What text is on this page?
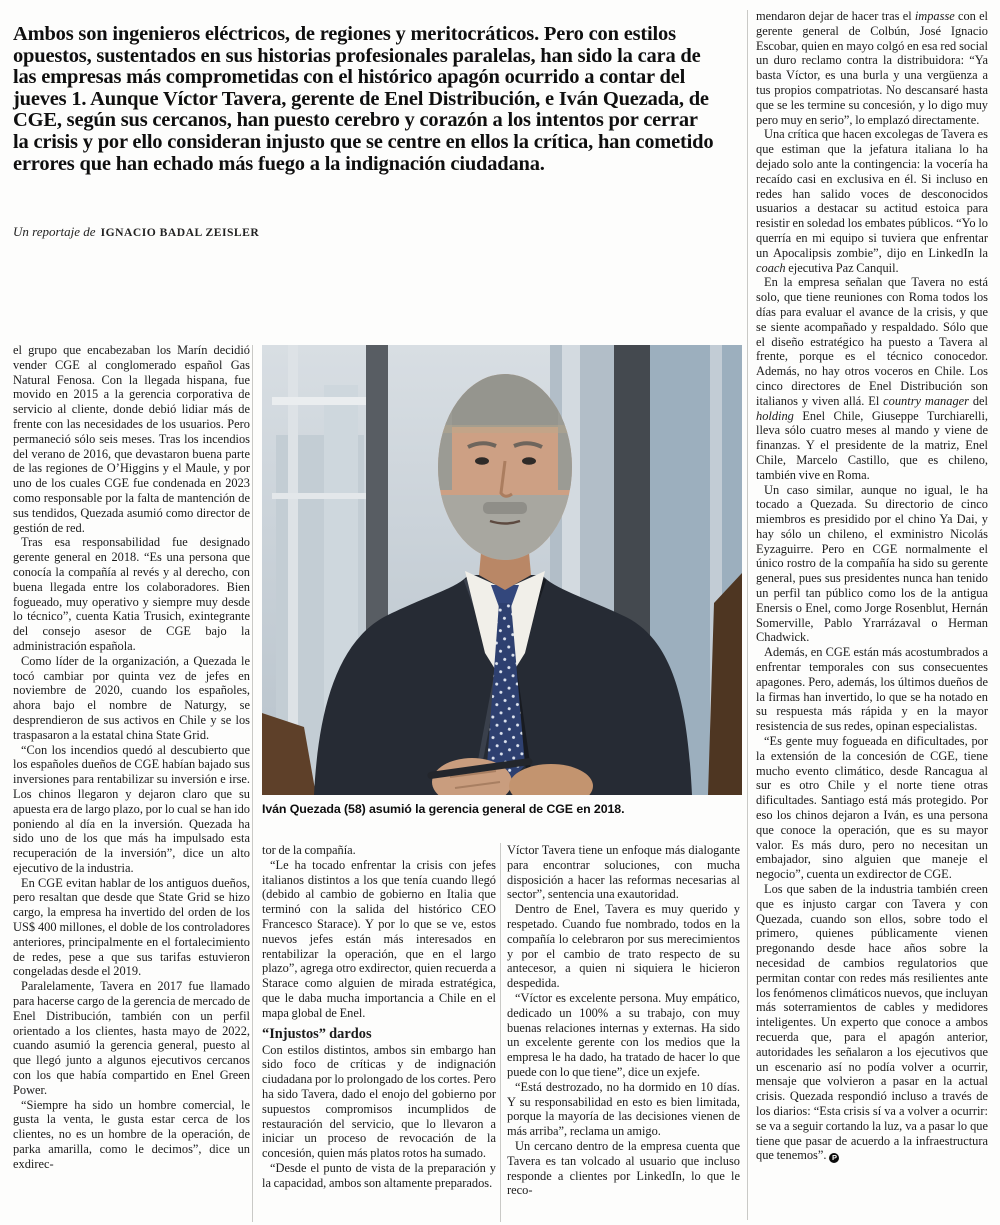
Ambos son ingenieros eléctricos, de regiones y meritocráticos. Pero con estilos opuestos, sustentados en sus historias profesionales paralelas, han sido la cara de las empresas más comprometidas con el histórico apagón ocurrido a contar del jueves 1. Aunque Víctor Tavera, gerente de Enel Distribución, e Iván Quezada, de CGE, según sus cercanos, han puesto cerebro y corazón a los intentos por cerrar la crisis y por ello consideran injusto que se centre en ellos la crítica, han cometido errores que han echado más fuego a la indignación ciudadana.
Un reportaje de IGNACIO BADAL ZEISLER

el grupo que encabezaban los Marín decidió vender CGE al conglomerado español Gas Natural Fenosa. Con la llegada hispana, fue movido en 2015 a la gerencia corporativa de servicio al cliente, donde debió lidiar más de frente con las necesidades de los usuarios. Pero permaneció sólo seis meses. Tras los incendios del verano de 2016, que devastaron buena parte de las regiones de O’Higgins y el Maule, y por uno de los cuales CGE fue condenada en 2023 como responsable por la falta de mantención de sus tendidos, Quezada asumió como director de gestión de red.

Tras esa responsabilidad fue designado gerente general en 2018. “Es una persona que conocía la compañía al revés y al derecho, con buena llegada entre los colaboradores. Bien fogueado, muy operativo y siempre muy desde lo técnico”, cuenta Katia Trusich, exintegrante del consejo asesor de CGE bajo la administración española.

Como líder de la organización, a Quezada le tocó cambiar por quinta vez de jefes en noviembre de 2020, cuando los españoles, ahora bajo el nombre de Naturgy, se desprendieron de sus activos en Chile y se los traspasaron a la estatal china State Grid.

“Con los incendios quedó al descubierto que los españoles dueños de CGE habían bajado sus inversiones para rentabilizar su inversión e irse. Los chinos llegaron y dejaron claro que su apuesta era de largo plazo, por lo cual se han ido poniendo al día en la inversión. Quezada ha sido uno de los que más ha impulsado esta recuperación de la inversión”, dice un alto ejecutivo de la industria.

En CGE evitan hablar de los antiguos dueños, pero resaltan que desde que State Grid se hizo cargo, la empresa ha invertido del orden de los US$ 400 millones, el doble de los controladores anteriores, principalmente en el fortalecimiento de redes, pese a que sus tarifas estuvieron congeladas desde el 2019.

Paralelamente, Tavera en 2017 fue llamado para hacerse cargo de la gerencia de mercado de Enel Distribución, también con un perfil orientado a los clientes, hasta mayo de 2022, cuando asumió la gerencia general, puesto al que llegó junto a algunos ejecutivos cercanos con los que había compartido en Enel Green Power.

“Siempre ha sido un hombre comercial, le gusta la venta, le gusta estar cerca de los clientes, no es un hombre de la operación, de parka amarilla, como le decimos”, dice un exdirec-

Iván Quezada (58) asumió la gerencia general de CGE en 2018.

tor de la compañía.

“Le ha tocado enfrentar la crisis con jefes italianos distintos a los que tenía cuando llegó (debido al cambio de gobierno en Italia que terminó con la salida del histórico CEO Francesco Starace). Y por lo que se ve, estos nuevos jefes están más interesados en rentabilizar la operación, que en el largo plazo”, agrega otro exdirector, quien recuerda a Starace como alguien de mirada estratégica, que le daba mucha importancia a Chile en el mapa global de Enel.

“Injustos” dardos

Con estilos distintos, ambos sin embargo han sido foco de críticas y de indignación ciudadana por lo prolongado de los cortes. Pero ha sido Tavera, dado el enojo del gobierno por supuestos compromisos incumplidos de restauración del servicio, que lo llevaron a iniciar un proceso de revocación de la concesión, quien más platos rotos ha sumado.

“Desde el punto de vista de la preparación y la capacidad, ambos son altamente preparados.

Víctor Tavera tiene un enfoque más dialogante para encontrar soluciones, con mucha disposición a hacer las reformas necesarias al sector”, sentencia una exautoridad.

Dentro de Enel, Tavera es muy querido y respetado. Cuando fue nombrado, todos en la compañía lo celebraron por sus merecimientos y por el cambio de trato respecto de su antecesor, a quien ni siquiera le hicieron despedida.

“Víctor es excelente persona. Muy empático, dedicado un 100% a su trabajo, con muy buenas relaciones internas y externas. Ha sido un excelente gerente con los medios que la empresa le ha dado, ha tratado de hacer lo que puede con lo que tiene”, dice un exjefe.

“Está destrozado, no ha dormido en 10 días. Y su responsabilidad en esto es bien limitada, porque la mayoría de las decisiones vienen de más arriba”, reclama un amigo.

Un cercano dentro de la empresa cuenta que Tavera es tan volcado al usuario que incluso responde a clientes por LinkedIn, lo que le reco-

mendaron dejar de hacer tras el impasse con el gerente general de Colbún, José Ignacio Escobar, quien en mayo colgó en esa red social un duro reclamo contra la distribuidora: “Ya basta Víctor, es una burla y una vergüenza a tus propios compatriotas. No descansaré hasta que se les termine su concesión, y lo digo muy pero muy en serio”, lo emplazó directamente.

Una crítica que hacen excolegas de Tavera es que estiman que la jefatura italiana lo ha dejado solo ante la contingencia: la vocería ha recaído casi en exclusiva en él. Si incluso en redes han salido voces de desconocidos usuarios a destacar su actitud estoica para resistir en soledad los embates públicos. “Yo lo querría en mi equipo si tuviera que enfrentar un Apocalipsis zombie”, dijo en LinkedIn la coach ejecutiva Paz Canquil.

En la empresa señalan que Tavera no está solo, que tiene reuniones con Roma todos los días para evaluar el avance de la crisis, y que se siente acompañado y respaldado. Sólo que el diseño estratégico ha puesto a Tavera al frente, porque es el técnico conocedor. Además, no hay otros voceros en Chile. Los cinco directores de Enel Distribución son italianos y viven allá. El country manager del holding Enel Chile, Giuseppe Turchiarelli, lleva sólo cuatro meses al mando y viene de finanzas. Y el presidente de la matriz, Enel Chile, Marcelo Castillo, que es chileno, también vive en Roma.

Un caso similar, aunque no igual, le ha tocado a Quezada. Su directorio de cinco miembros es presidido por el chino Ya Dai, y hay sólo un chileno, el exministro Nicolás Eyzaguirre. Pero en CGE normalmente el único rostro de la compañía ha sido su gerente general, pues sus presidentes nunca han tenido un perfil tan público como los de la antigua Enersis o Enel, como Jorge Rosenblut, Hernán Somerville, Pablo Yrarrázaval o Herman Chadwick.

Además, en CGE están más acostumbrados a enfrentar temporales con sus consecuentes apagones. Pero, además, los últimos dueños de la firmas han invertido, lo que se ha notado en su respuesta más rápida y en la mayor resistencia de sus redes, opinan especialistas.

“Es gente muy fogueada en dificultades, por la extensión de la concesión de CGE, tiene mucho evento climático, desde Rancagua al sur es otro Chile y el norte tiene otras dificultades. Santiago está más protegido. Por eso los chinos dejaron a Iván, es una persona que conoce la operación, que es su mayor valor. Es más duro, pero no necesitan un embajador, sino alguien que maneje el negocio”, cuenta un exdirector de CGE.

Los que saben de la industria también creen que es injusto cargar con Tavera y con Quezada, cuando son ellos, sobre todo el primero, quienes públicamente vienen pregonando desde hace años sobre la necesidad de cambios regulatorios que permitan contar con redes más resilientes ante los fenómenos climáticos nuevos, que incluyan más soterramientos de cables y medidores inteligentes. Un experto que conoce a ambos recuerda que, para el apagón anterior, autoridades les señalaron a los ejecutivos que un escenario así no podía volver a ocurrir, mensaje que volvieron a pasar en la actual crisis. Quezada respondió incluso a través de los diarios: “Esta crisis sí va a volver a ocurrir: se va a seguir cortando la luz, va a pasar lo que tiene que pasar de acuerdo a la infraestructura que tenemos”. P
